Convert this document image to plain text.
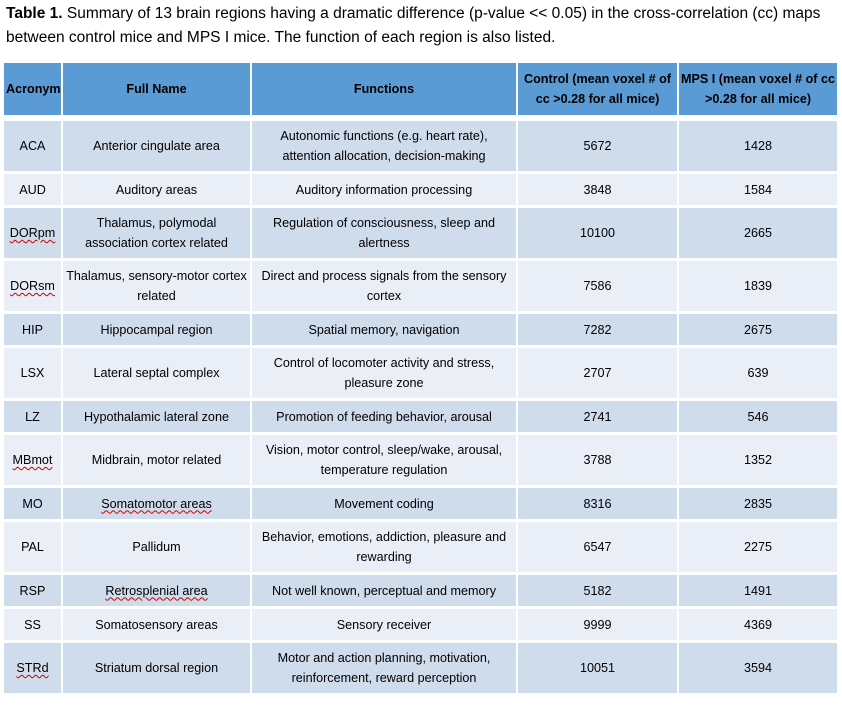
Table 1. Summary of 13 brain regions having a dramatic difference (p-value << 0.05) in the cross-correlation (cc) maps between control mice and MPS I mice. The function of each region is also listed.
Acronym	Full Name	Functions	Control (mean voxel # of cc >0.28 for all mice)	MPS I (mean voxel # of cc >0.28 for all mice)
ACA	Anterior cingulate area	Autonomic functions (e.g. heart rate), attention allocation, decision-making	5672	1428
AUD	Auditory areas	Auditory information processing	3848	1584
DORpm	Thalamus, polymodal association cortex related	Regulation of consciousness, sleep and alertness	10100	2665
DORsm	Thalamus, sensory-motor cortex related	Direct and process signals from the sensory cortex	7586	1839
HIP	Hippocampal region	Spatial memory, navigation	7282	2675
LSX	Lateral septal complex	Control of locomoter activity and stress, pleasure zone	2707	639
LZ	Hypothalamic lateral zone	Promotion of feeding behavior, arousal	2741	546
MBmot	Midbrain, motor related	Vision, motor control, sleep/wake, arousal, temperature regulation	3788	1352
MO	Somatomotor areas	Movement coding	8316	2835
PAL	Pallidum	Behavior, emotions, addiction, pleasure and rewarding	6547	2275
RSP	Retrosplenial area	Not well known, perceptual and memory	5182	1491
SS	Somatosensory areas	Sensory receiver	9999	4369
STRd	Striatum dorsal region	Motor and action planning, motivation, reinforcement, reward perception	10051	3594
